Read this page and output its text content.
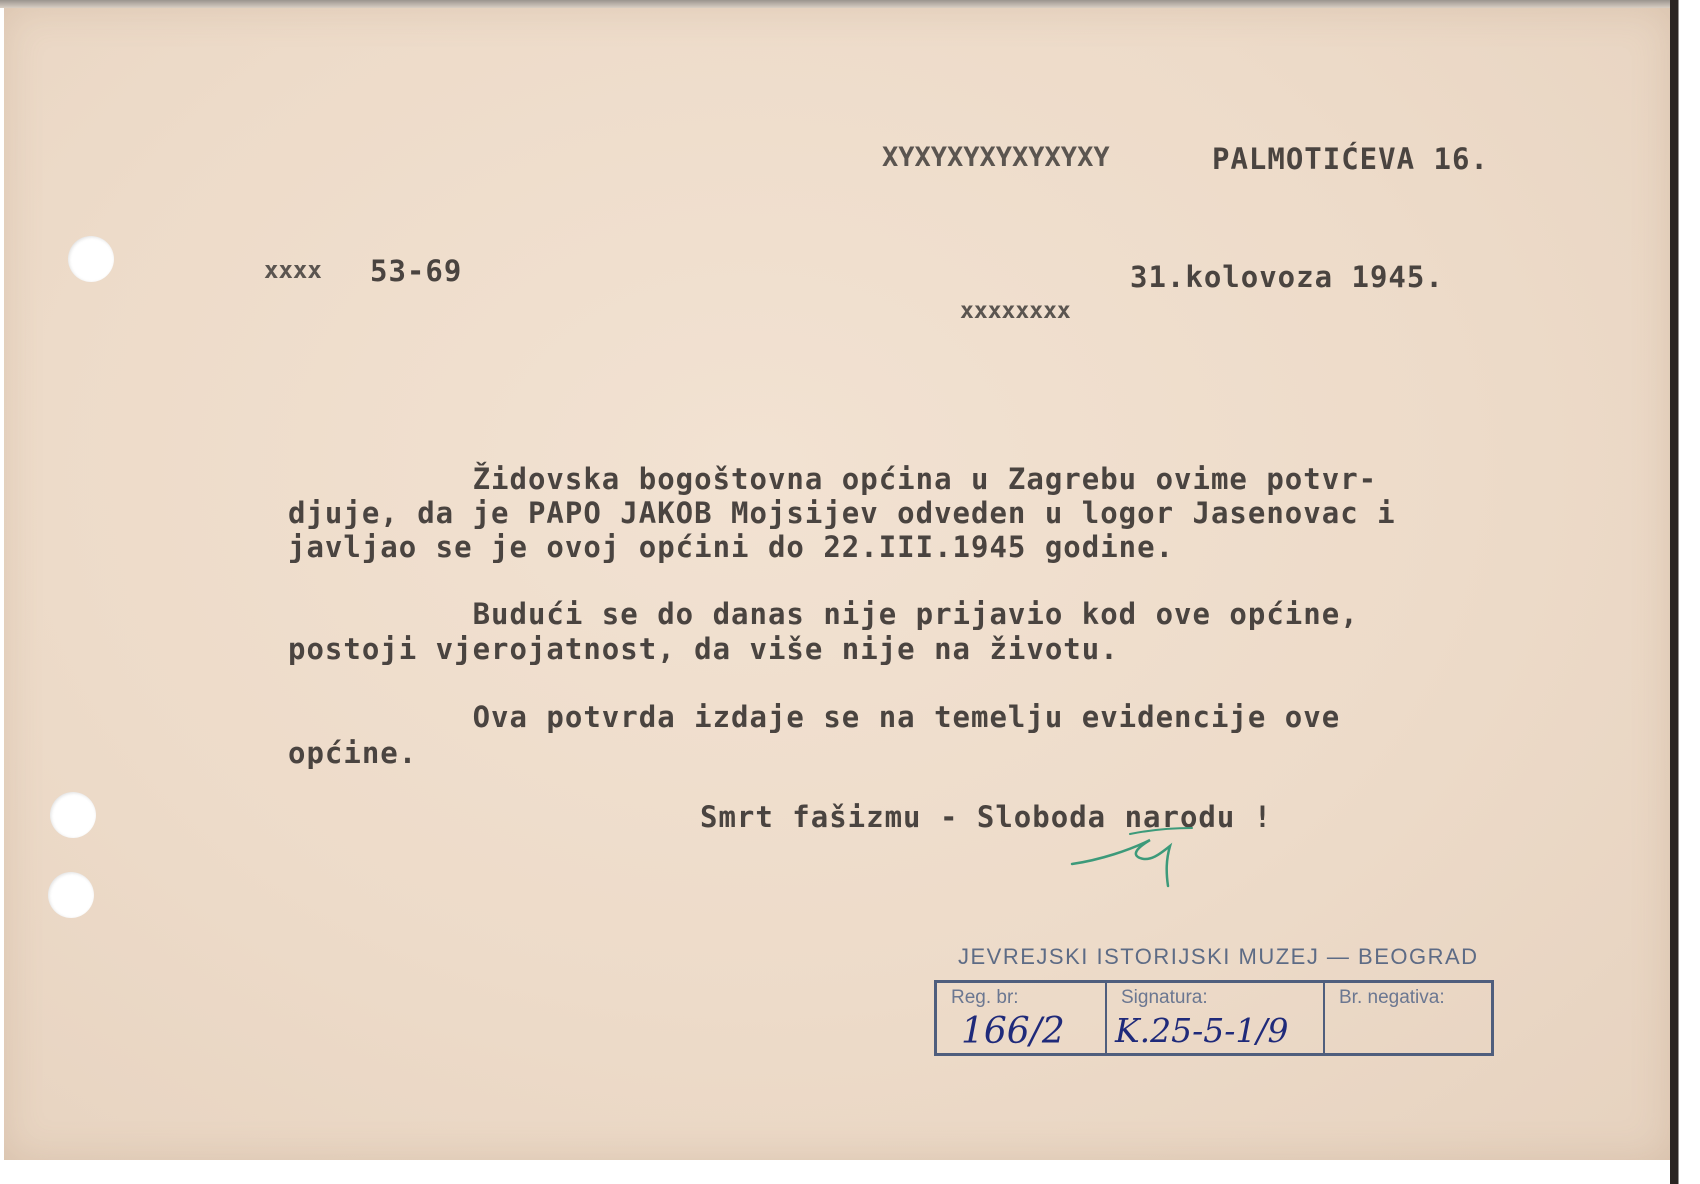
XYXYXYXYXYXYXY	PALMOTIĆEVA 16.
xxxx 53-69	31.kolovoza 1945.
xxxxxxxx
Židovska bogoštovna općina u Zagrebu ovime potvr-
djuje, da je PAPO JAKOB Mojsijev odveden u logor Jasenovac i
javljao se je ovoj općini do 22.III.1945 godine.
Budući se do danas nije prijavio kod ove općine,
postoji vjerojatnost, da više nije na životu.
Ova potvrda izdaje se na temelju evidencije ove
općine.
Smrt fašizmu - Sloboda narodu !
JEVREJSKI ISTORIJSKI MUZEJ — BEOGRAD
Reg. br:
166/2
Signatura:
K.25-5-1/9
Br. negativa:
